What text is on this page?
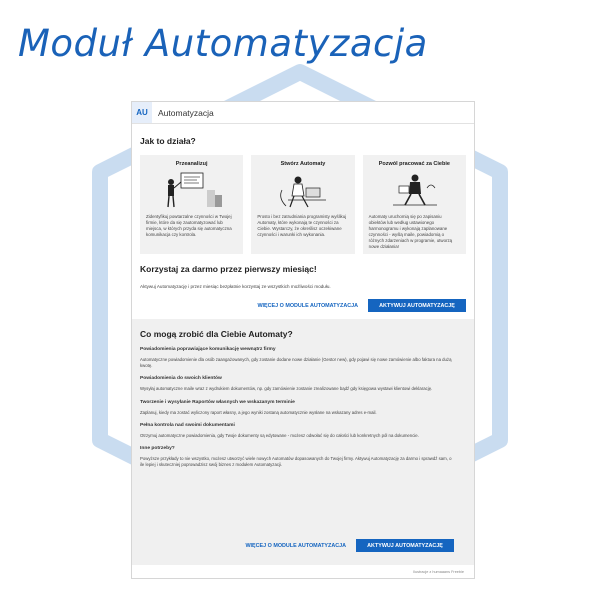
Moduł Automatyzacja
AU	Automatyzacja
Jak to działa?
Przeanalizuj
Zidentyfikuj powtarzalne czynności w Twojej firmie, które da się zautomatyzować lub miejsca, w których przyda się automatyczna komunikacja czy kontrola.
Stwórz Automaty
Prosto i bez zatrudniania programisty wyślikuj Automaty, które wykonają te czynności za Ciebie. Wystarczy, że określisz oczekiwane czynności i warunki ich wykonania.
Pozwól pracować za Ciebie
Automaty uruchomią się po zapisaniu obiektów lub według ustawionego harmonogramu i wykonają zaplanowane czynności - wyślą maile, powiadomią o różnych zdarzeniach w programie, utworzą nowe działania!
Korzystaj za darmo przez pierwszy miesiąc!
Aktywuj Automatyzację i przez miesiąc bezpłatnie korzystaj ze wszystkich możliwości modułu.
WIĘCEJ O MODULE AUTOMATYZACJA	AKTYWUJ AUTOMATYZACJĘ
Co mogą zrobić dla Ciebie Automaty?
Powiadomienia poprawiające komunikację wewnątrz firmy
Automatyczne powiadomienie dla osób zaangażowanych, gdy zostanie dodane nowe działanie (Gestor new), gdy pojawi się nowe zamówienie albo faktura na dużą kwotę.
Powiadomienia do swoich klientów
Wysyłaj automatyczne maile wraz z wydrukiem dokumentów, np. gdy zamówienie zostanie zrealizowane bądź gdy księgowa wystawi klientowi deklarację.
Tworzenie i wysyłanie Raportów własnych we wskazanym terminie
Zaplanuj, kiedy ma zostać wyliczony raport własny, a jego wyniki zostaną automatycznie wysłane na wskazany adres e-mail.
Pełna kontrola nad swoimi dokumentami
Otrzymuj automatyczne powiadomienia, gdy Twoje dokumenty są edytowane - możesz odwołać się do całości lub konkretnych pól na dokumencie.
Inne potrzeby?
Powyższe przykłady to nie wszystko, możesz utworzyć wiele nowych Automatów dopasowanych do Twojej firmy. Aktywuj Automatyzację za darmo i sprawdź sam, o ile lepiej i skuteczniej poprowadzisz swój biznes z modułem Automatyzacji.
WIĘCEJ O MODULE AUTOMATYZACJA	AKTYWUJ AUTOMATYZACJĘ
Ilustracje z humaaans Freebie
